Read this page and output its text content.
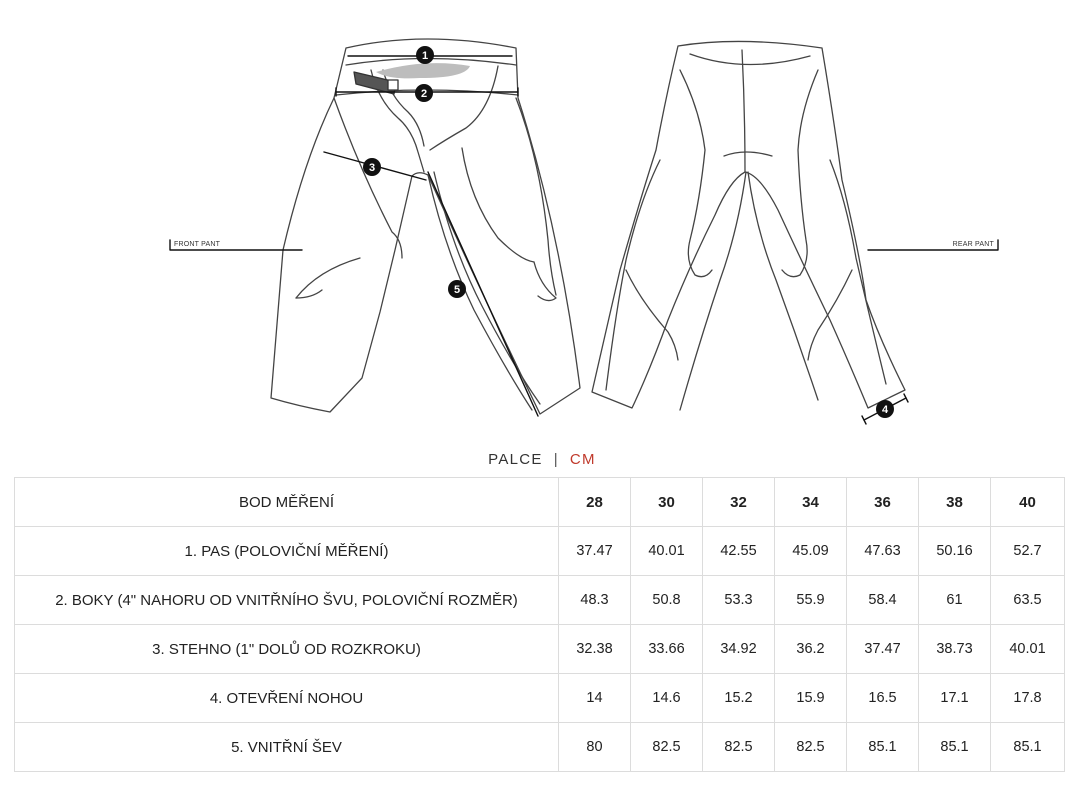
1
2
3
4
5
FRONT PANT	REAR PANT
PALCE | CM
BOD MĚŘENÍ	28	30	32	34	36	38	40
1. PAS (POLOVIČNÍ MĚŘENÍ)	37.47	40.01	42.55	45.09	47.63	50.16	52.7
2. BOKY (4" NAHORU OD VNITŘNÍHO ŠVU, POLOVIČNÍ ROZMĚR)	48.3	50.8	53.3	55.9	58.4	61	63.5
3. STEHNO (1" DOLŮ OD ROZKROKU)	32.38	33.66	34.92	36.2	37.47	38.73	40.01
4. OTEVŘENÍ NOHOU	14	14.6	15.2	15.9	16.5	17.1	17.8
5. VNITŘNÍ ŠEV	80	82.5	82.5	82.5	85.1	85.1	85.1
